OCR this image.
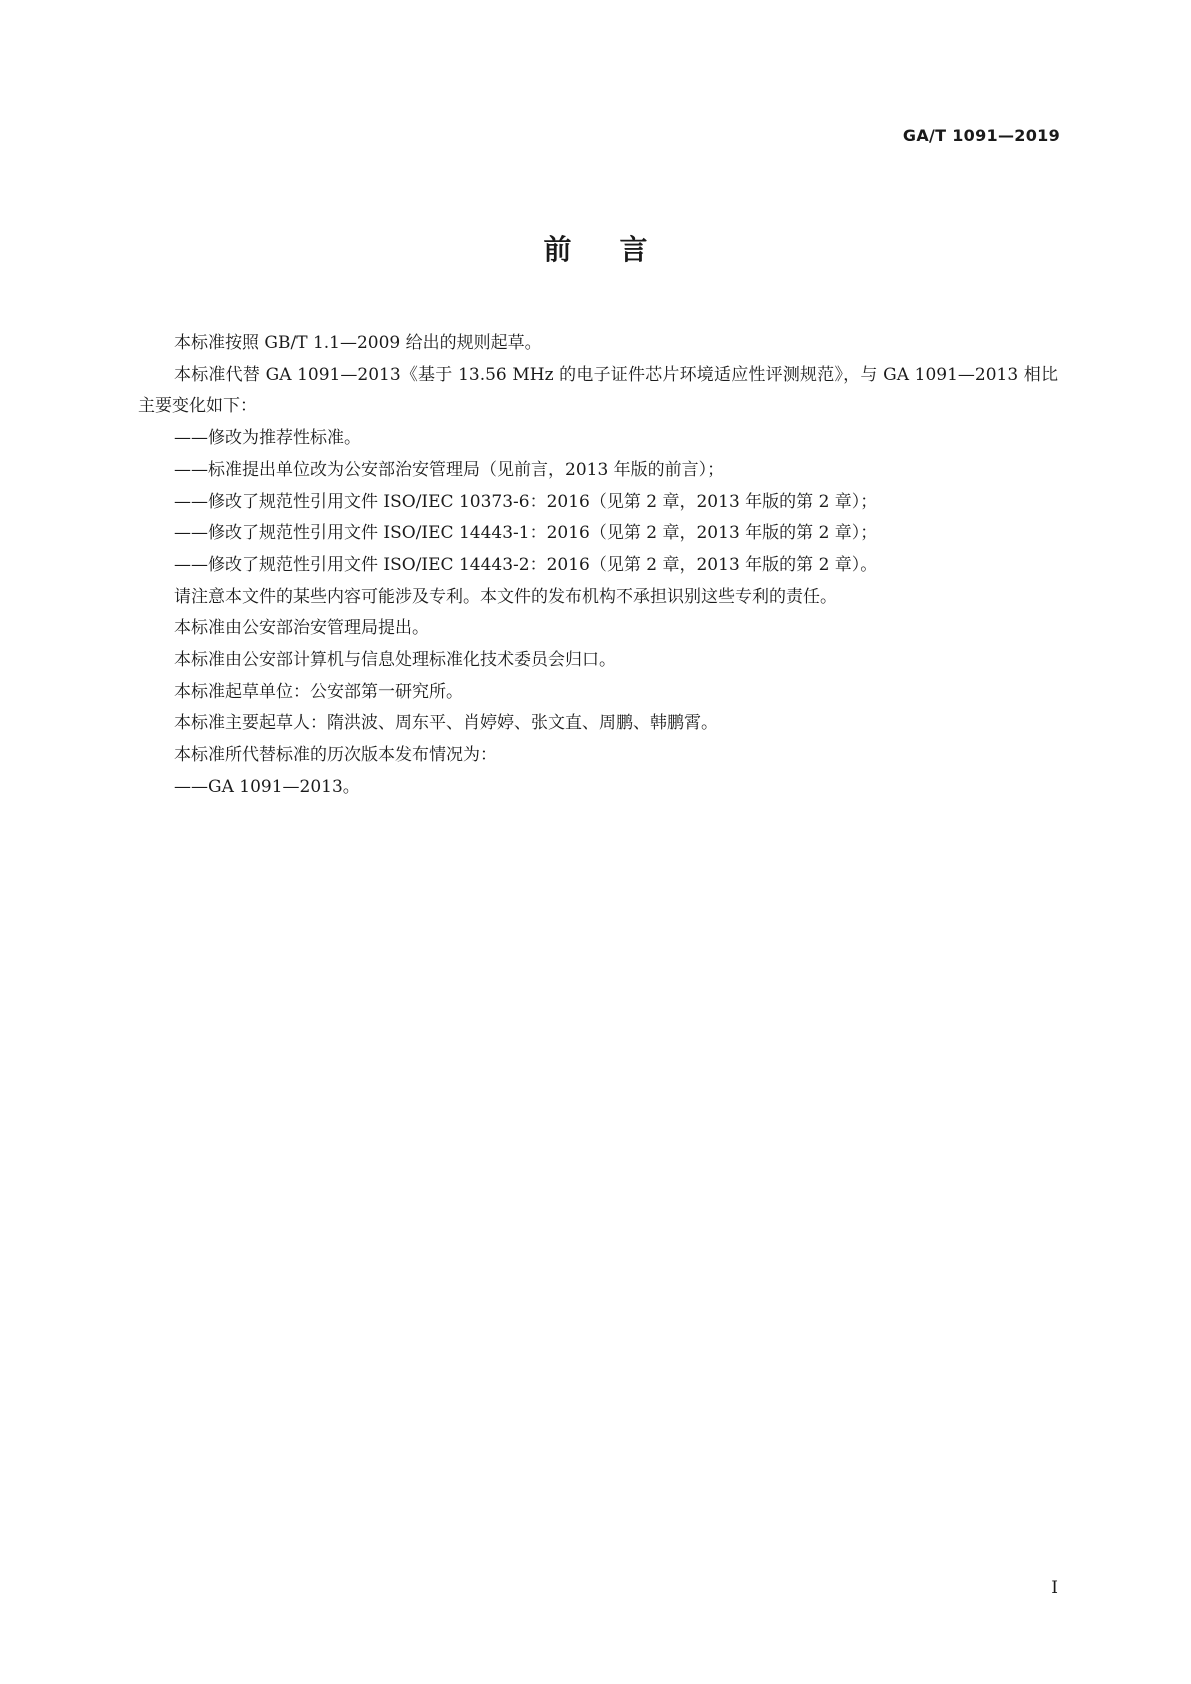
GA/T 1091—2019
前言

本标准按照 GB/T 1.1—2009 给出的规则起草。

本标准代替 GA 1091—2013《基于 13.56 MHz 的电子证件芯片环境适应性评测规范》，与 GA 1091—2013 相比主要变化如下：

——修改为推荐性标准。

——标准提出单位改为公安部治安管理局（见前言，2013 年版的前言）；

——修改了规范性引用文件 ISO/IEC 10373-6：2016（见第 2 章，2013 年版的第 2 章）；

——修改了规范性引用文件 ISO/IEC 14443-1：2016（见第 2 章，2013 年版的第 2 章）；

——修改了规范性引用文件 ISO/IEC 14443-2：2016（见第 2 章，2013 年版的第 2 章）。

请注意本文件的某些内容可能涉及专利。本文件的发布机构不承担识别这些专利的责任。

本标准由公安部治安管理局提出。

本标准由公安部计算机与信息处理标准化技术委员会归口。

本标准起草单位：公安部第一研究所。

本标准主要起草人：隋洪波、周东平、肖婷婷、张文直、周鹏、韩鹏霄。

本标准所代替标准的历次版本发布情况为：

——GA 1091—2013。

I
